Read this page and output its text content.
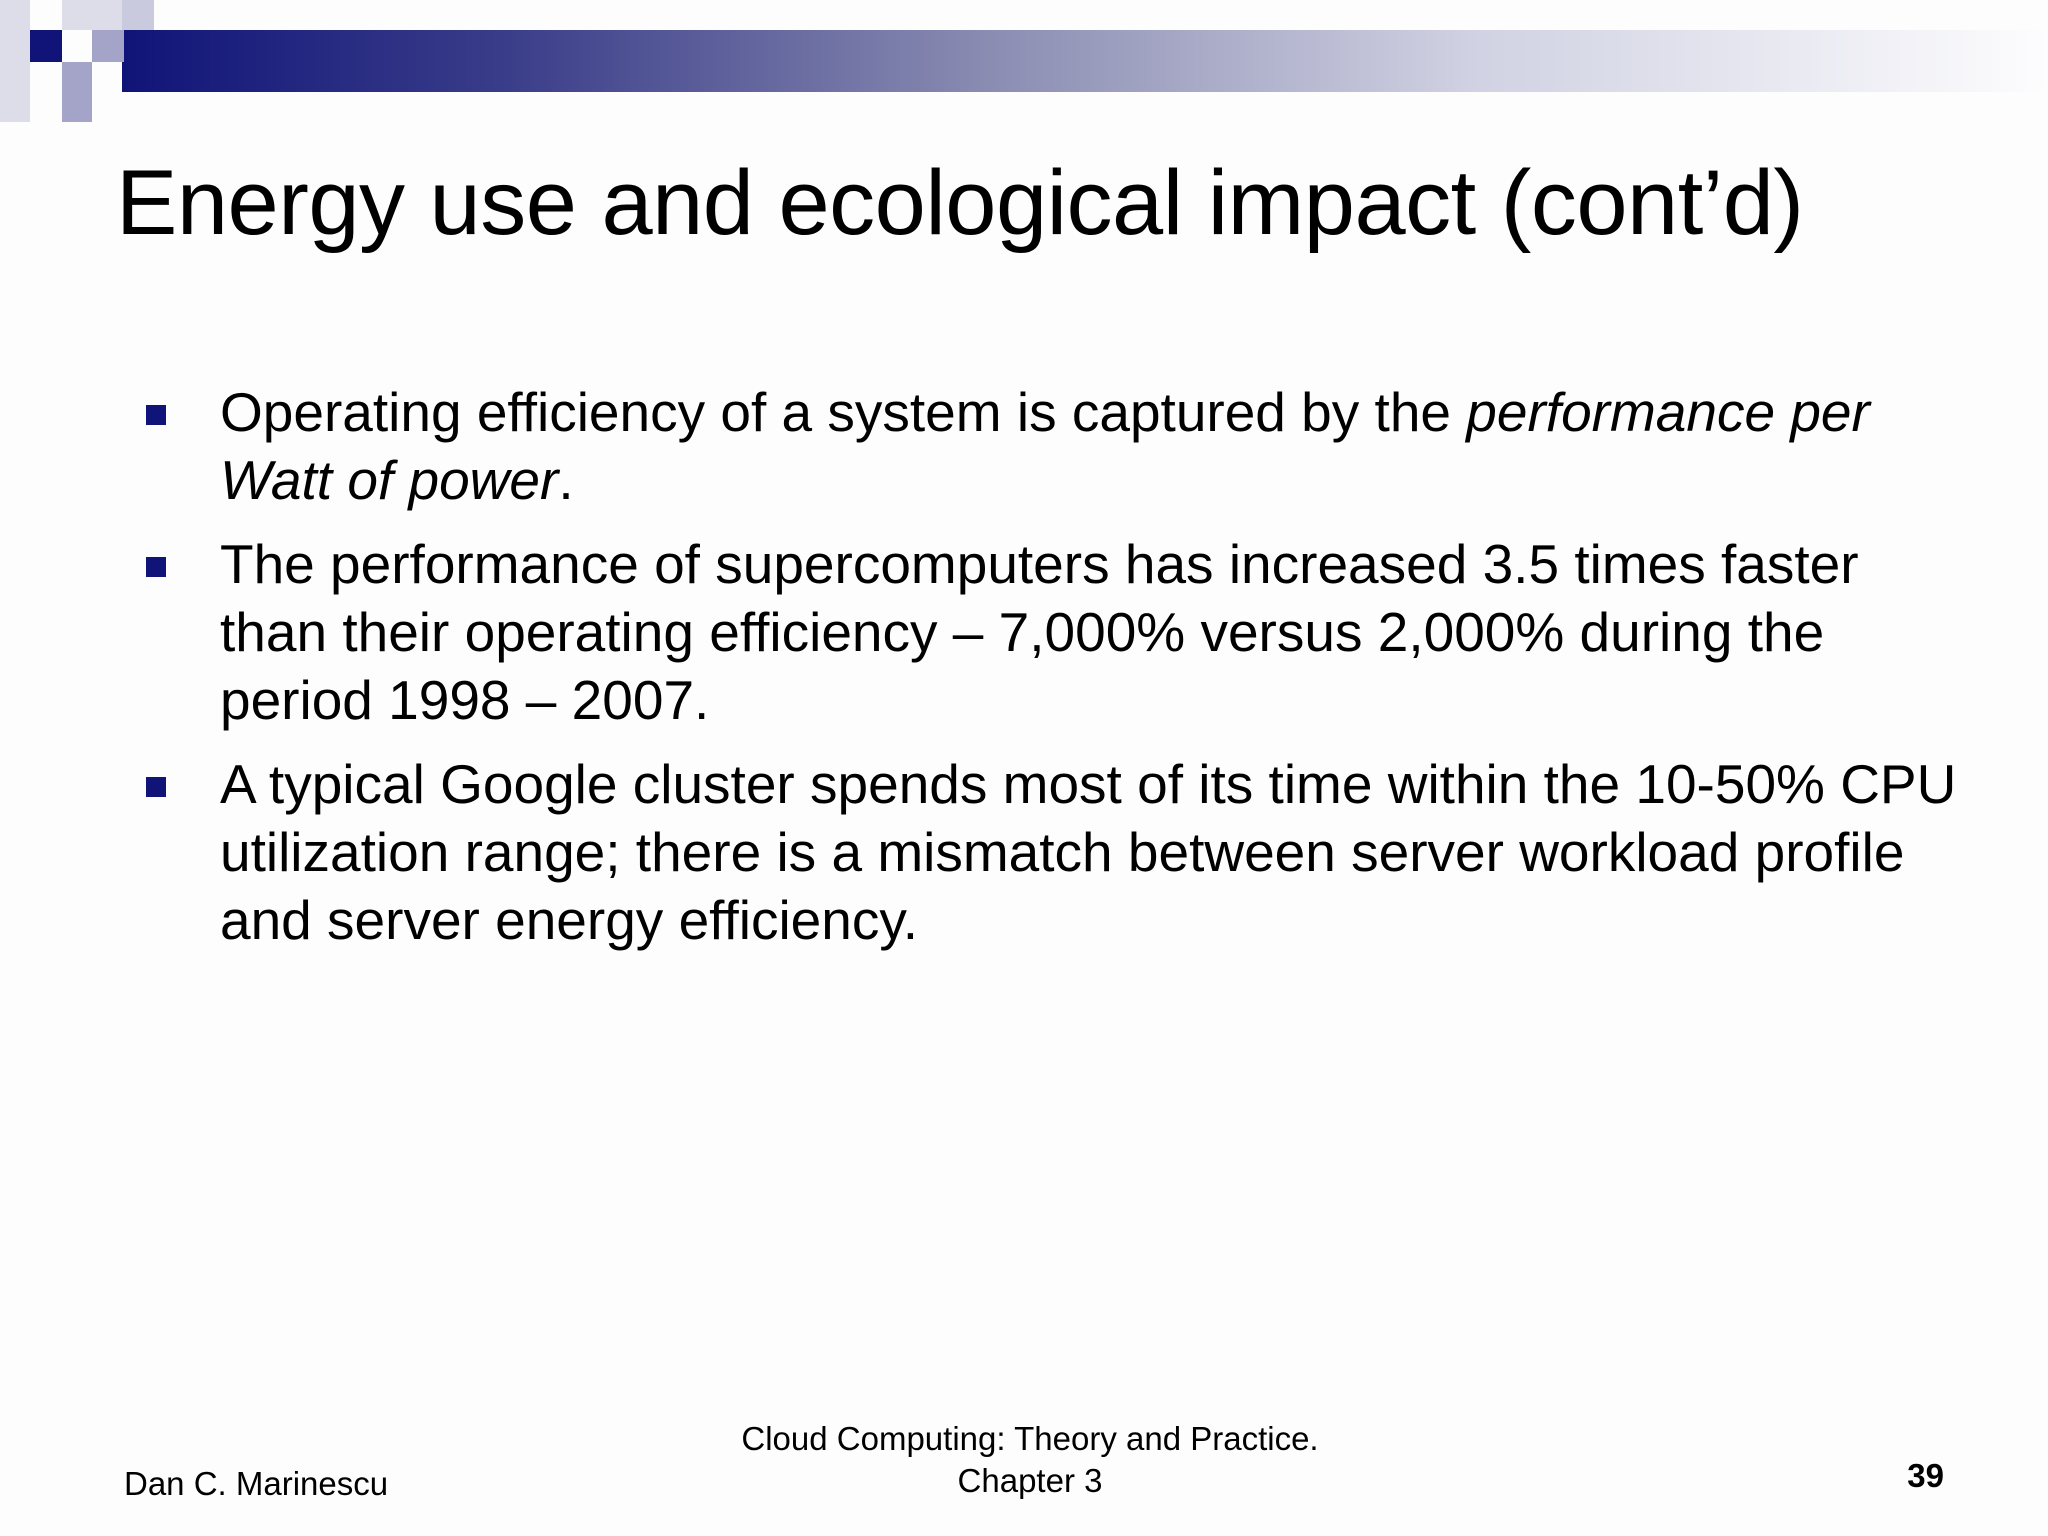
Energy use and ecological impact (cont’d)
Operating efficiency of a system is captured by the performance per Watt of power.
The performance of supercomputers has increased 3.5 times faster than their operating efficiency – 7,000% versus 2,000% during the period 1998 – 2007.
A typical Google cluster spends most of its time within the 10-50% CPU utilization range; there is a mismatch between server workload profile and server energy efficiency.
Dan C. Marinescu
Cloud Computing: Theory and Practice.
Chapter 3	39
